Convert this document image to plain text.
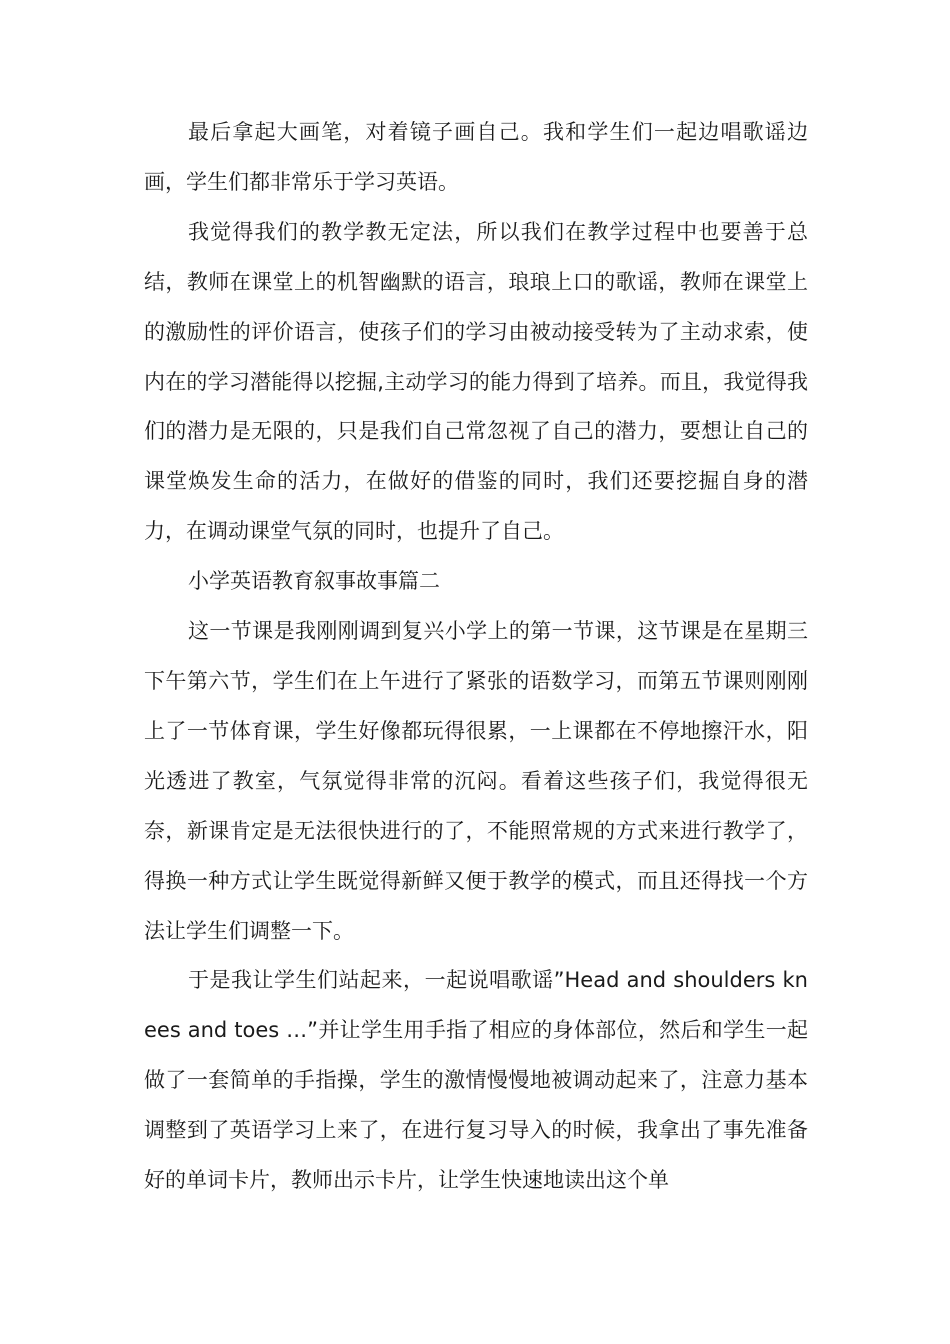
最后拿起大画笔，对着镜子画自己。我和学生们一起边唱歌谣边画，学生们都非常乐于学习英语。

我觉得我们的教学教无定法，所以我们在教学过程中也要善于总结，教师在课堂上的机智幽默的语言，琅琅上口的歌谣，教师在课堂上的激励性的评价语言，使孩子们的学习由被动接受转为了主动求索，使内在的学习潜能得以挖掘,主动学习的能力得到了培养。而且，我觉得我们的潜力是无限的，只是我们自己常忽视了自己的潜力，要想让自己的课堂焕发生命的活力，在做好的借鉴的同时，我们还要挖掘自身的潜力，在调动课堂气氛的同时，也提升了自己。

小学英语教育叙事故事篇二

这一节课是我刚刚调到复兴小学上的第一节课，这节课是在星期三下午第六节，学生们在上午进行了紧张的语数学习，而第五节课则刚刚上了一节体育课，学生好像都玩得很累，一上课都在不停地擦汗水，阳光透进了教室，气氛觉得非常的沉闷。看着这些孩子们，我觉得很无奈，新课肯定是无法很快进行的了，不能照常规的方式来进行教学了，得换一种方式让学生既觉得新鲜又便于教学的模式，而且还得找一个方法让学生们调整一下。

于是我让学生们站起来，一起说唱歌谣”Head and shoulders knees and toes …”并让学生用手指了相应的身体部位，然后和学生一起做了一套简单的手指操，学生的激情慢慢地被调动起来了，注意力基本调整到了英语学习上来了，在进行复习导入的时候，我拿出了事先准备好的单词卡片，教师出示卡片，让学生快速地读出这个单
